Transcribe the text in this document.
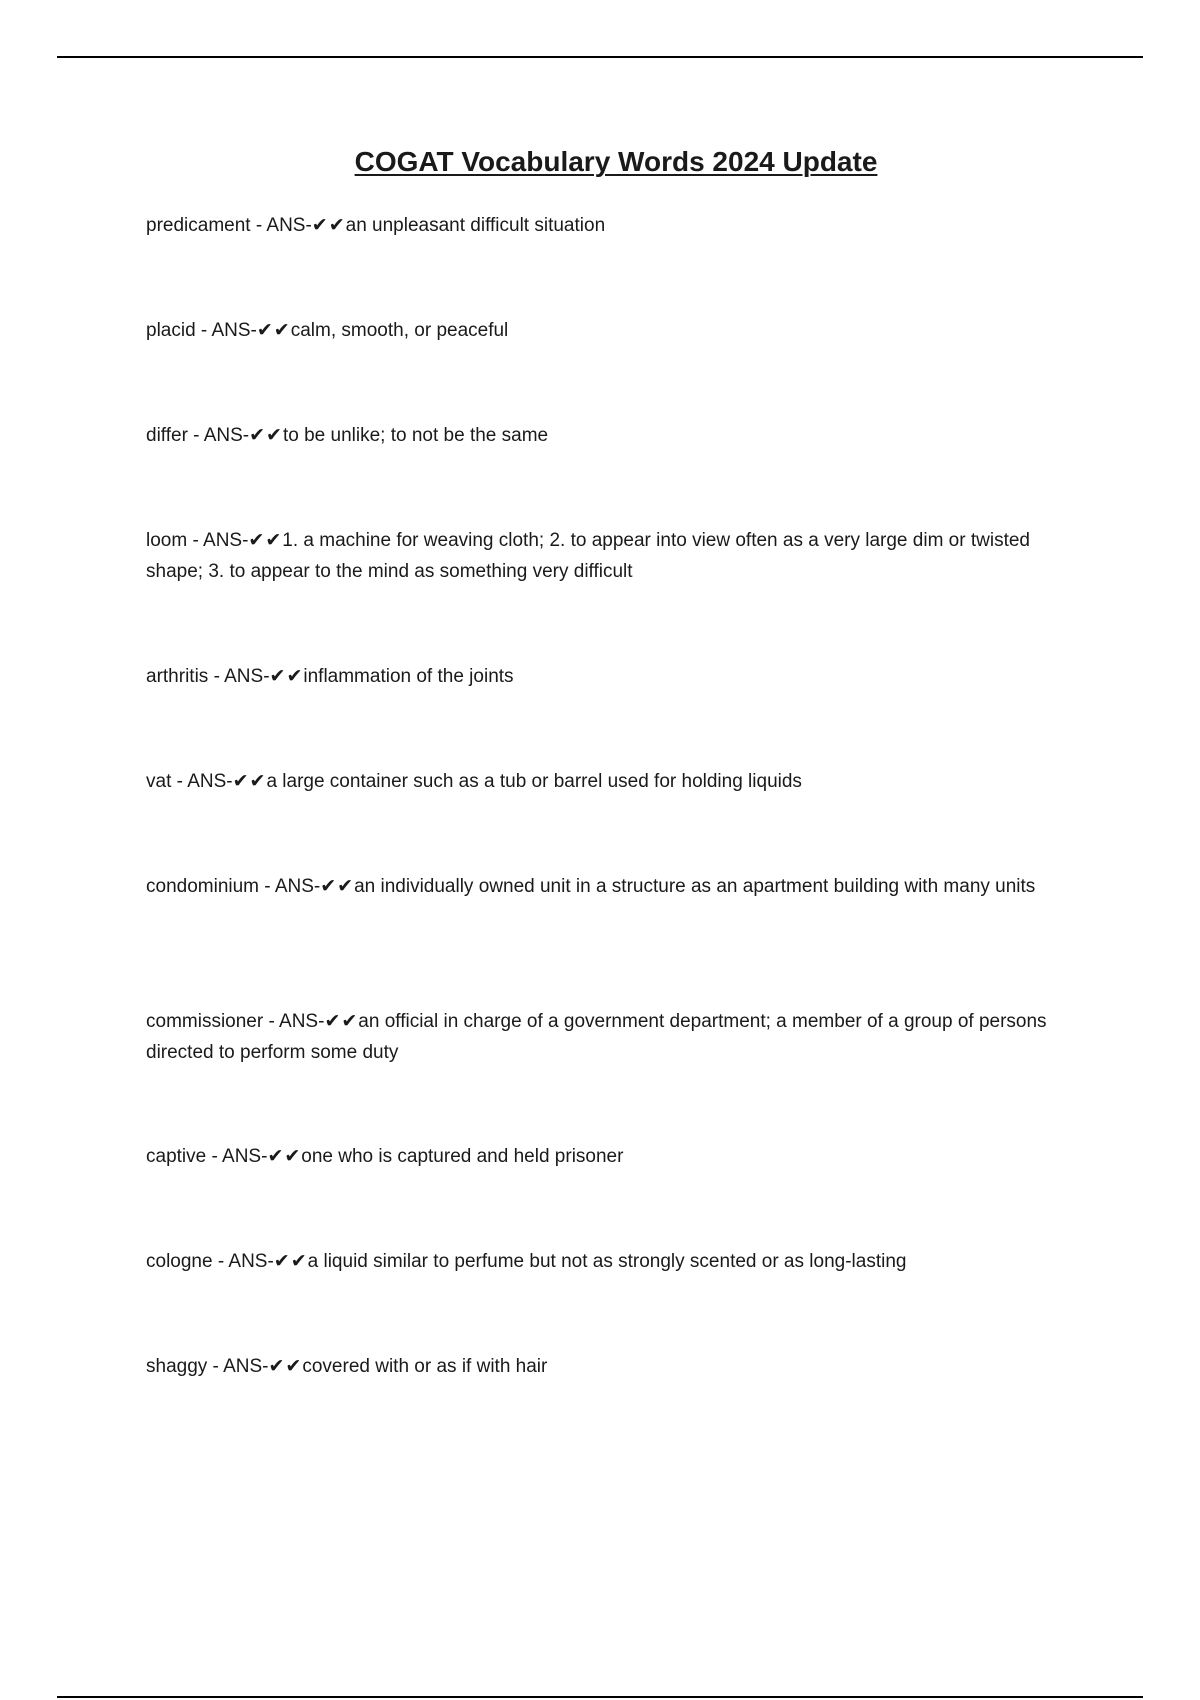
COGAT Vocabulary Words 2024 Update

predicament - ANS-✔✔an unpleasant difficult situation

placid - ANS-✔✔calm, smooth, or peaceful

differ - ANS-✔✔to be unlike; to not be the same

loom - ANS-✔✔1. a machine for weaving cloth; 2. to appear into view often as a very large dim or twisted shape; 3. to appear to the mind as something very difficult

arthritis - ANS-✔✔inflammation of the joints

vat - ANS-✔✔a large container such as a tub or barrel used for holding liquids

condominium - ANS-✔✔an individually owned unit in a structure as an apartment building with many units

commissioner - ANS-✔✔an official in charge of a government department; a member of a group of persons directed to perform some duty

captive - ANS-✔✔one who is captured and held prisoner

cologne - ANS-✔✔a liquid similar to perfume but not as strongly scented or as long-lasting

shaggy - ANS-✔✔covered with or as if with hair
